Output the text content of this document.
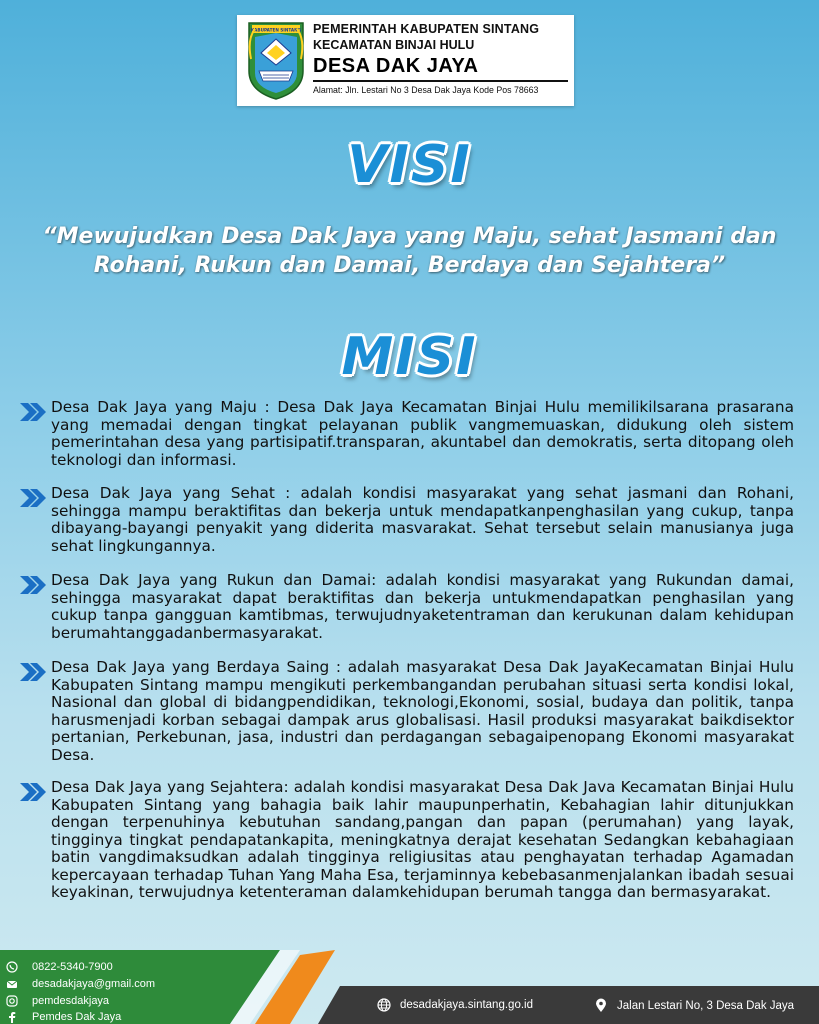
KABUPATEN SINTANG PEMERINTAH KABUPATEN SINTANG
KECAMATAN BINJAI HULU
DESA DAK JAYA
Alamat: Jln. Lestari No 3 Desa Dak Jaya Kode Pos 78663
VISI
“Mewujudkan Desa Dak Jaya yang Maju, sehat Jasmani dan Rohani, Rukun dan Damai, Berdaya dan Sejahtera”
MISI
Desa Dak Jaya yang Maju : Desa Dak Jaya Kecamatan Binjai Hulu memilikilsarana prasarana yang memadai dengan tingkat pelayanan publik vangmemuaskan, didukung oleh sistem pemerintahan desa yang partisipatif.transparan, akuntabel dan demokratis, serta ditopang oleh teknologi dan informasi.
Desa Dak Jaya yang Sehat : adalah kondisi masyarakat yang sehat jasmani dan Rohani, sehingga mampu beraktifitas dan bekerja untuk mendapatkanpenghasilan yang cukup, tanpa dibayang-bayangi penyakit yang diderita masvarakat. Sehat tersebut selain manusianya juga sehat lingkungannya.
Desa Dak Jaya yang Rukun dan Damai: adalah kondisi masyarakat yang Rukundan damai, sehingga masyarakat dapat beraktifitas dan bekerja untukmendapatkan penghasilan yang cukup tanpa gangguan kamtibmas, terwujudnyaketentraman dan kerukunan dalam kehidupan berumahtanggadanbermasyarakat.
Desa Dak Jaya yang Berdaya Saing : adalah masyarakat Desa Dak JayaKecamatan Binjai Hulu Kabupaten Sintang mampu mengikuti perkembangandan perubahan situasi serta kondisi lokal, Nasional dan global di bidangpendidikan, teknologi,Ekonomi, sosial, budaya dan politik, tanpa harusmenjadi korban sebagai dampak arus globalisasi. Hasil produksi masyarakat baikdisektor pertanian, Perkebunan, jasa, industri dan perdagangan sebagaipenopang Ekonomi masyarakat Desa.
Desa Dak Jaya yang Sejahtera: adalah kondisi masyarakat Desa Dak Java Kecamatan Binjai Hulu Kabupaten Sintang yang bahagia baik lahir maupunperhatin, Kebahagian lahir ditunjukkan dengan terpenuhinya kebutuhan sandang,pangan dan papan (perumahan) yang layak, tingginya tingkat pendapatankapita, meningkatnya derajat kesehatan Sedangkan kebahagiaan batin vangdimaksudkan adalah tingginya religiusitas atau penghayatan terhadap Agamadan kepercayaan terhadap Tuhan Yang Maha Esa, terjaminnya kebebasanmenjalankan ibadah sesuai keyakinan, terwujudnya ketenteraman dalamkehidupan berumah tangga dan bermasyarakat.
0822-5340-7900
desadakjaya@gmail.com
pemdesdakjaya
Pemdes Dak Jaya
desadakjaya.sintang.go.id	Jalan Lestari No, 3 Desa Dak Jaya
